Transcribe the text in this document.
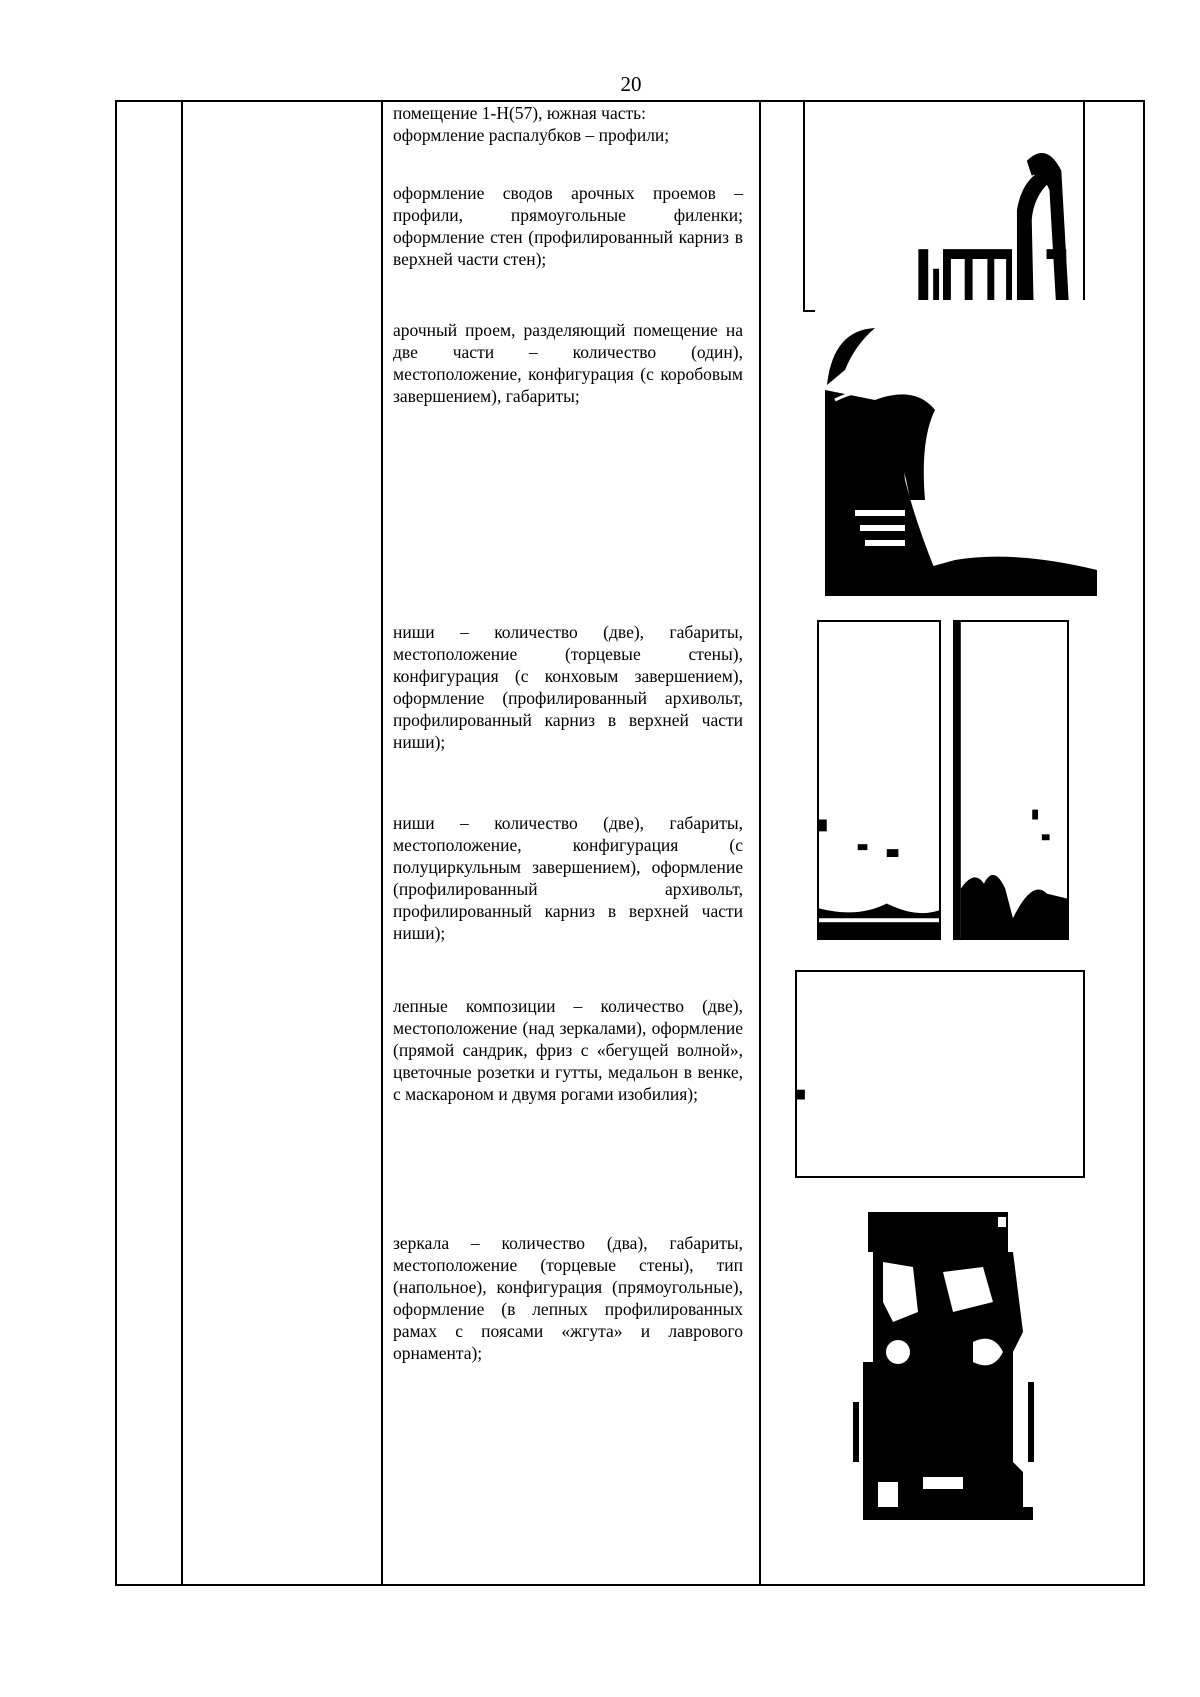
20

помещение 1-Н(57), южная часть:

оформление распалубков – профили;

оформление сводов арочных проемов – профили, прямоугольные филенки; оформление стен (профилированный карниз в верхней части стен);

арочный проем, разделяющий помещение на две части – количество (один), местоположение, конфигурация (с коробовым завершением), габариты;

ниши – количество (две), габариты, местоположение (торцевые стены), конфигурация (с конховым завершением), оформление (профилированный архивольт, профилированный карниз в верхней части ниши);

ниши – количество (две), габариты, местоположение, конфигурация (с полуциркульным завершением), оформление (профилированный архивольт, профилированный карниз в верхней части ниши);

лепные композиции – количество (две), местоположение (над зеркалами), оформление (прямой сандрик, фриз с «бегущей волной», цветочные розетки и гутты, медальон в венке, с маскароном и двумя рогами изобилия);

зеркала – количество (два), габариты, местоположение (торцевые стены), тип (напольное), конфигурация (прямоугольные), оформление (в лепных профилированных рамах с поясами «жгута» и лаврового орнамента);
